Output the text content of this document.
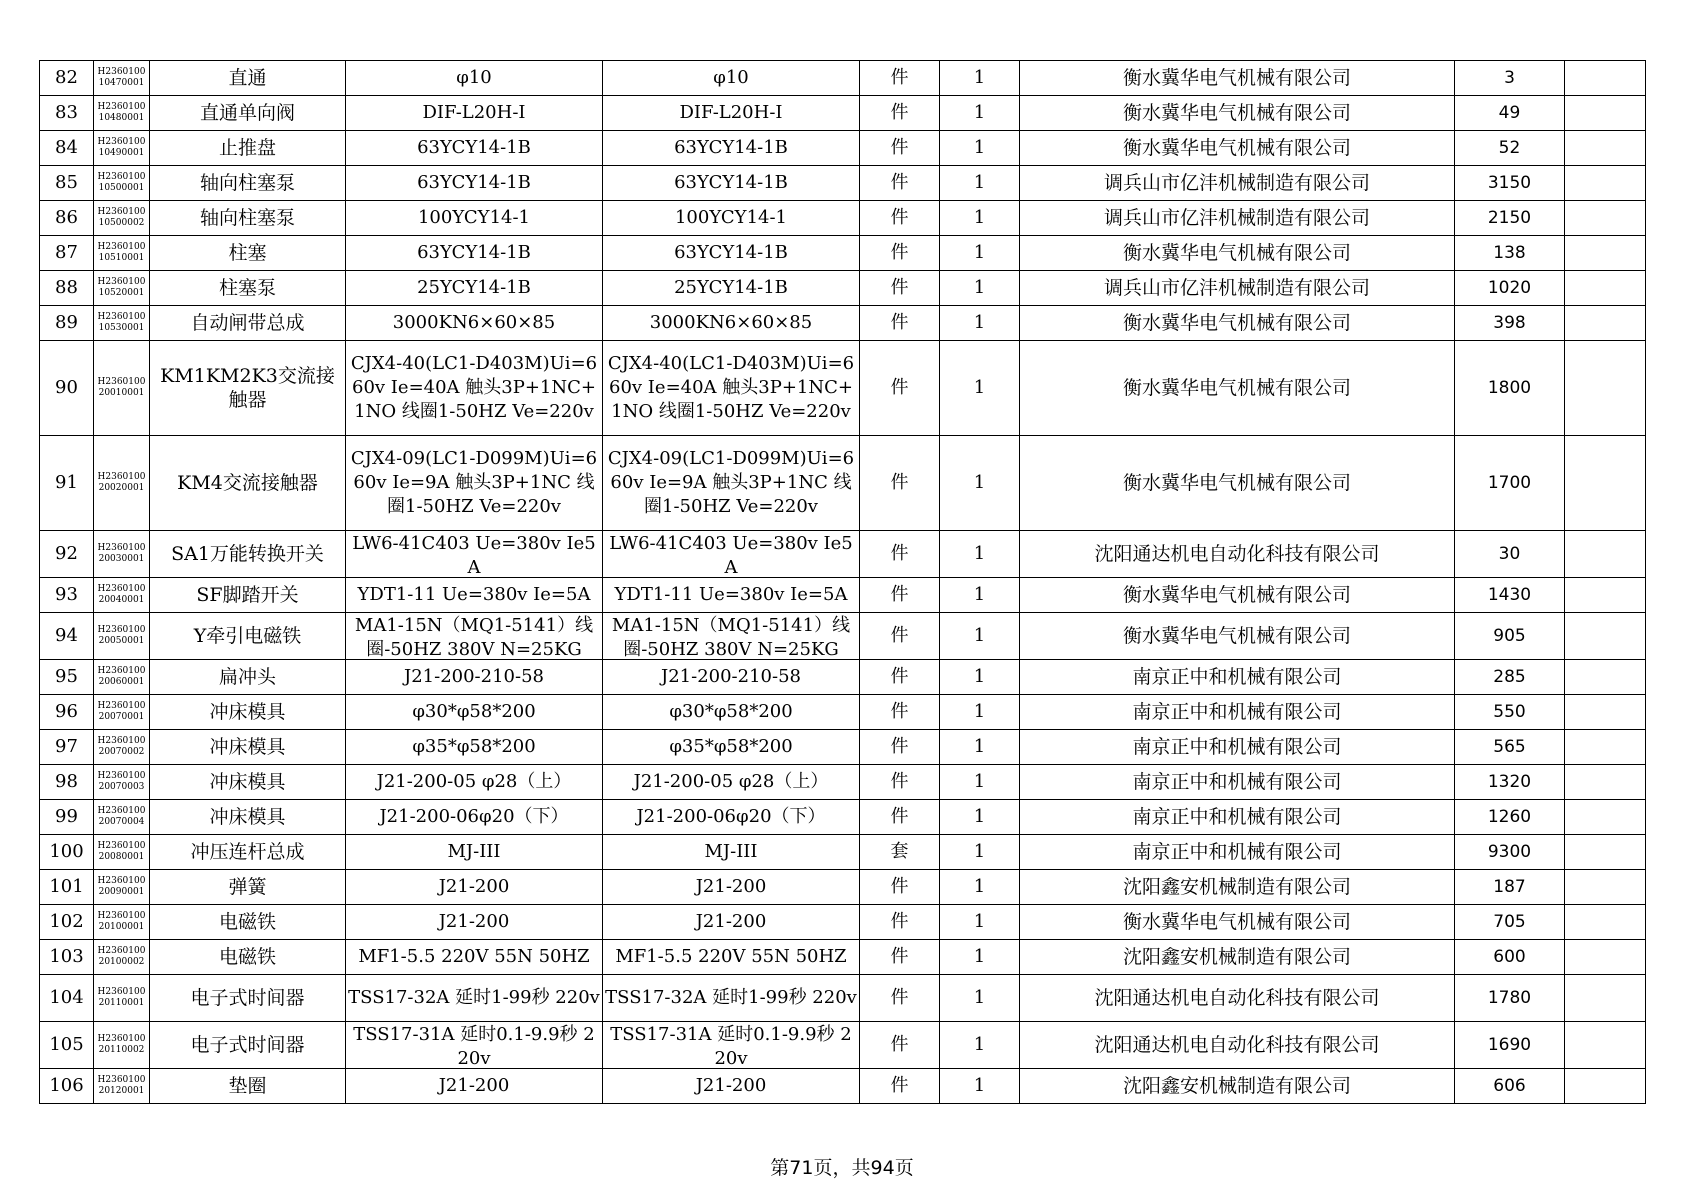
82	H2360100 10470001	直通	φ10	φ10	件	1	衡水冀华电气机械有限公司	3	
83	H2360100 10480001	直通单向阀	DIF-L20H-I	DIF-L20H-I	件	1	衡水冀华电气机械有限公司	49	
84	H2360100 10490001	止推盘	63YCY14-1B	63YCY14-1B	件	1	衡水冀华电气机械有限公司	52	
85	H2360100 10500001	轴向柱塞泵	63YCY14-1B	63YCY14-1B	件	1	调兵山市亿沣机械制造有限公司	3150	
86	H2360100 10500002	轴向柱塞泵	100YCY14-1	100YCY14-1	件	1	调兵山市亿沣机械制造有限公司	2150	
87	H2360100 10510001	柱塞	63YCY14-1B	63YCY14-1B	件	1	衡水冀华电气机械有限公司	138	
88	H2360100 10520001	柱塞泵	25YCY14-1B	25YCY14-1B	件	1	调兵山市亿沣机械制造有限公司	1020	
89	H2360100 10530001	自动闸带总成	3000KN6×60×85	3000KN6×60×85	件	1	衡水冀华电气机械有限公司	398	
90	H2360100 20010001	KM1KM2K3交流接触器	CJX4-40(LC1-D403M)Ui=660v Ie=40A 触头3P+1NC+1NO 线圈1-50HZ Ve=220v	CJX4-40(LC1-D403M)Ui=660v Ie=40A 触头3P+1NC+1NO 线圈1-50HZ Ve=220v	件	1	衡水冀华电气机械有限公司	1800	
91	H2360100 20020001	KM4交流接触器	CJX4-09(LC1-D099M)Ui=660v Ie=9A 触头3P+1NC 线圈1-50HZ Ve=220v	CJX4-09(LC1-D099M)Ui=660v Ie=9A 触头3P+1NC 线圈1-50HZ Ve=220v	件	1	衡水冀华电气机械有限公司	1700	
92	H2360100 20030001	SA1万能转换开关	LW6-41C403 Ue=380v Ie5A	LW6-41C403 Ue=380v Ie5A	件	1	沈阳通达机电自动化科技有限公司	30	
93	H2360100 20040001	SF脚踏开关	YDT1-11 Ue=380v Ie=5A	YDT1-11 Ue=380v Ie=5A	件	1	衡水冀华电气机械有限公司	1430	
94	H2360100 20050001	Y牵引电磁铁	MA1-15N（MQ1-5141）线圈-50HZ 380V N=25KG	MA1-15N（MQ1-5141）线圈-50HZ 380V N=25KG	件	1	衡水冀华电气机械有限公司	905	
95	H2360100 20060001	扁冲头	J21-200-210-58	J21-200-210-58	件	1	南京正中和机械有限公司	285	
96	H2360100 20070001	冲床模具	φ30*φ58*200	φ30*φ58*200	件	1	南京正中和机械有限公司	550	
97	H2360100 20070002	冲床模具	φ35*φ58*200	φ35*φ58*200	件	1	南京正中和机械有限公司	565	
98	H2360100 20070003	冲床模具	J21-200-05 φ28（上）	J21-200-05 φ28（上）	件	1	南京正中和机械有限公司	1320	
99	H2360100 20070004	冲床模具	J21-200-06φ20（下）	J21-200-06φ20（下）	件	1	南京正中和机械有限公司	1260	
100	H2360100 20080001	冲压连杆总成	MJ-III	MJ-III	套	1	南京正中和机械有限公司	9300	
101	H2360100 20090001	弹簧	J21-200	J21-200	件	1	沈阳鑫安机械制造有限公司	187	
102	H2360100 20100001	电磁铁	J21-200	J21-200	件	1	衡水冀华电气机械有限公司	705	
103	H2360100 20100002	电磁铁	MF1-5.5 220V 55N 50HZ	MF1-5.5 220V 55N 50HZ	件	1	沈阳鑫安机械制造有限公司	600	
104	H2360100 20110001	电子式时间器	TSS17-32A 延时1-99秒 220v	TSS17-32A 延时1-99秒 220v	件	1	沈阳通达机电自动化科技有限公司	1780	
105	H2360100 20110002	电子式时间器	TSS17-31A 延时0.1-9.9秒 220v	TSS17-31A 延时0.1-9.9秒 220v	件	1	沈阳通达机电自动化科技有限公司	1690	
106	H2360100 20120001	垫圈	J21-200	J21-200	件	1	沈阳鑫安机械制造有限公司	606	
第71页，共94页
